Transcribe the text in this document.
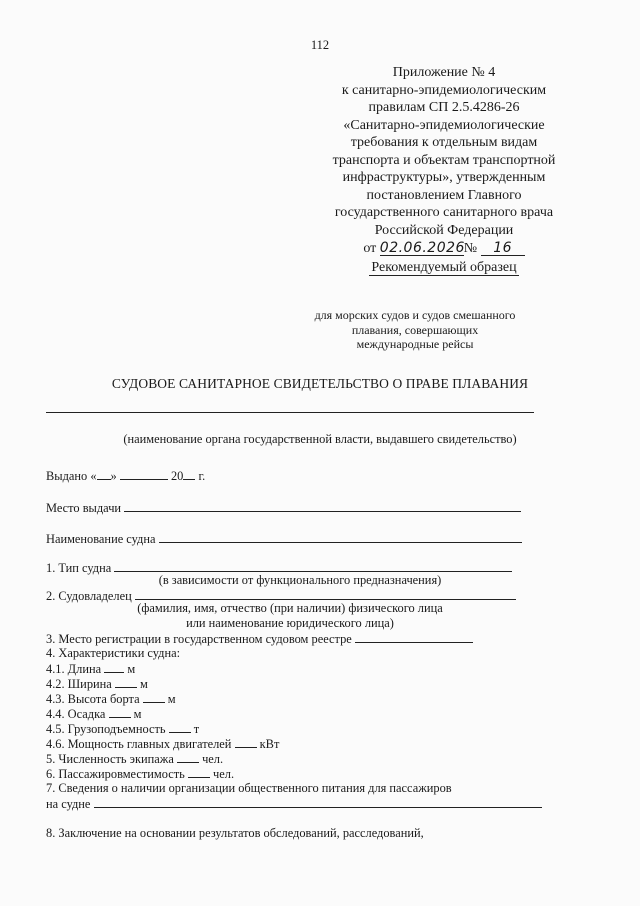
112
Приложение № 4
к санитарно-эпидемиологическим
правилам СП 2.5.4286-26
«Санитарно-эпидемиологические
требования к отдельным видам
транспорта и объектам транспортной
инфраструктуры», утвержденным
постановлением Главного
государственного санитарного врача
Российской Федерации
от 02.06.2026№ 16
Рекомендуемый образец
для морских судов и судов смешанного
плавания, совершающих
международные рейсы
СУДОВОЕ САНИТАРНОЕ СВИДЕТЕЛЬСТВО О ПРАВЕ ПЛАВАНИЯ
(наименование органа государственной власти, выдавшего свидетельство)
Выдано « »	20 г.
Место выдачи
Наименование судна
1. Тип судна
(в зависимости от функционального предназначения)
2. Судовладелец
(фамилия, имя, отчество (при наличии) физического лица
или наименование юридического лица)
3. Место регистрации в государственном судовом реестре
4. Характеристики судна:
4.1. Длина м
4.2. Ширина м
4.3. Высота борта м
4.4. Осадка м
4.5. Грузоподъемность т
4.6. Мощность главных двигателей кВт
5. Численность экипажа чел.
6. Пассажировместимость чел.
7. Сведения о наличии организации общественного питания для пассажиров
на судне
8. Заключение на основании результатов обследований, расследований,
